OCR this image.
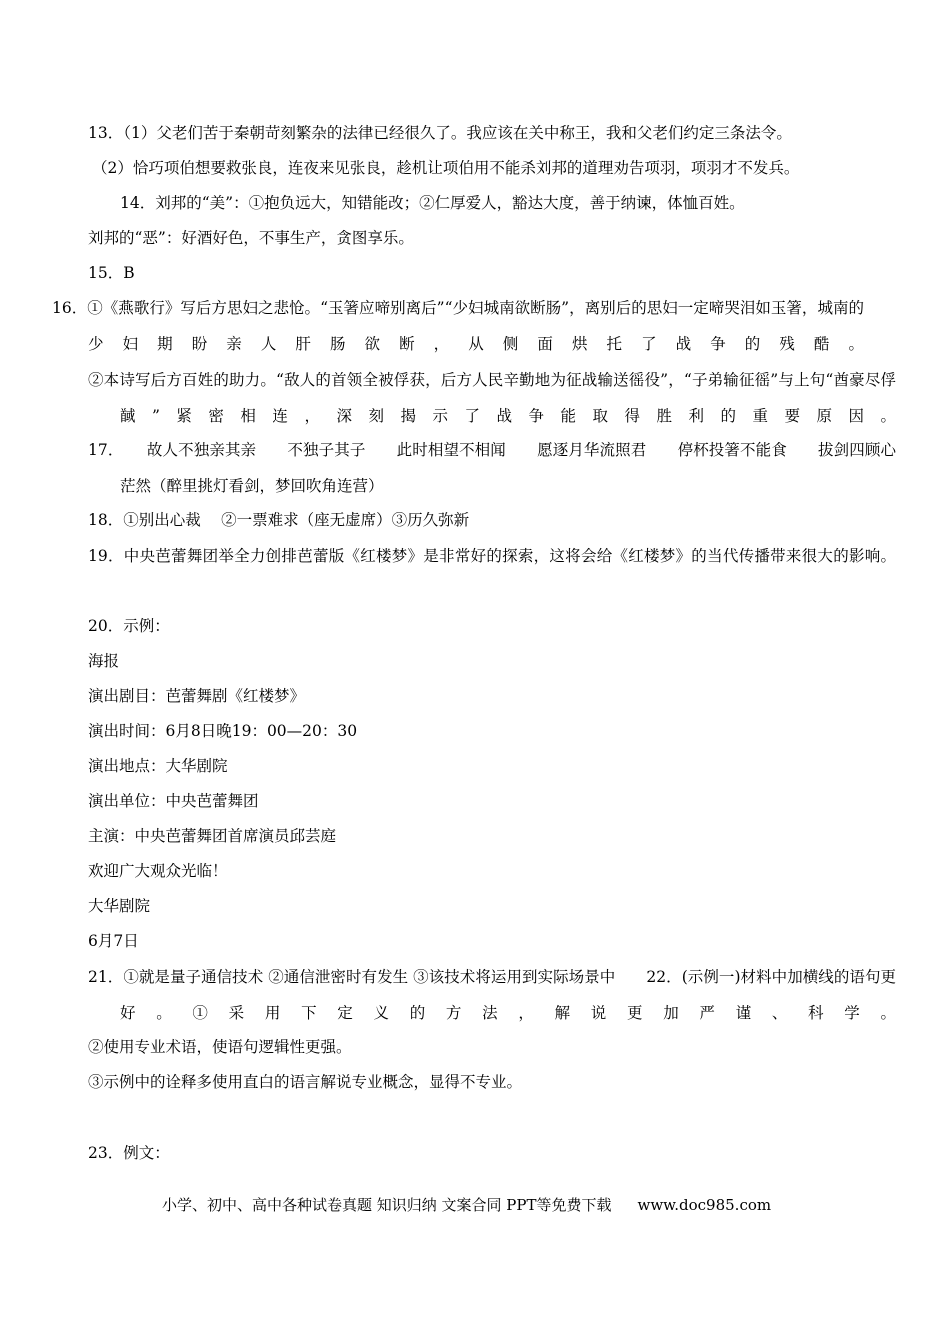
13．（1）父老们苦于秦朝苛刻繁杂的法律已经很久了。我应该在关中称王，我和父老们约定三条法令。
（2）恰巧项伯想要救张良，连夜来见张良，趁机让项伯用不能杀刘邦的道理劝告项羽，项羽才不发兵。
14．刘邦的“美”：①抱负远大，知错能改；②仁厚爱人，豁达大度，善于纳谏，体恤百姓。
刘邦的“恶”：好酒好色，不事生产，贪图享乐。
15．B
16．①《燕歌行》写后方思妇之悲怆。“玉箸应啼别离后”“少妇城南欲断肠”，离别后的思妇一定啼哭泪如玉箸，城南的少妇期盼亲人肝肠欲断，从侧面烘托了战争的残酷。
②本诗写后方百姓的助力。“敌人的首领全被俘获，后方人民辛勤地为征战输送徭役”，“子弟输征徭”与上句“酋豪尽俘馘”紧密相连，深刻揭示了战争能取得胜利的重要原因。
17．　　故人不独亲其亲　　不独子其子　　此时相望不相闻　　愿逐月华流照君　　停杯投箸不能食　　拔剑四顾心茫然（醉里挑灯看剑，梦回吹角连营）
18．①别出心裁　 ②一票难求（座无虚席）③历久弥新
19．中央芭蕾舞团举全力创排芭蕾版《红楼梦》是非常好的探索，这将会给《红楼梦》的当代传播带来很大的影响。
20．示例：
海报
演出剧目：芭蕾舞剧《红楼梦》
演出时间：6月8日晚19：00—20：30
演出地点：大华剧院
演出单位：中央芭蕾舞团
主演：中央芭蕾舞团首席演员邱芸庭
欢迎广大观众光临！
大华剧院
6月7日
21．①就是量子通信技术 ②通信泄密时有发生 ③该技术将运用到实际场景中　　22．(示例一)材料中加横线的语句更好。①采用下定义的方法，解说更加严谨、科学。
②使用专业术语，使语句逻辑性更强。
③示例中的诠释多使用直白的语言解说专业概念，显得不专业。
23．例文：
小学、初中、高中各种试卷真题 知识归纳 文案合同 PPT等免费下载 www.doc985.com
